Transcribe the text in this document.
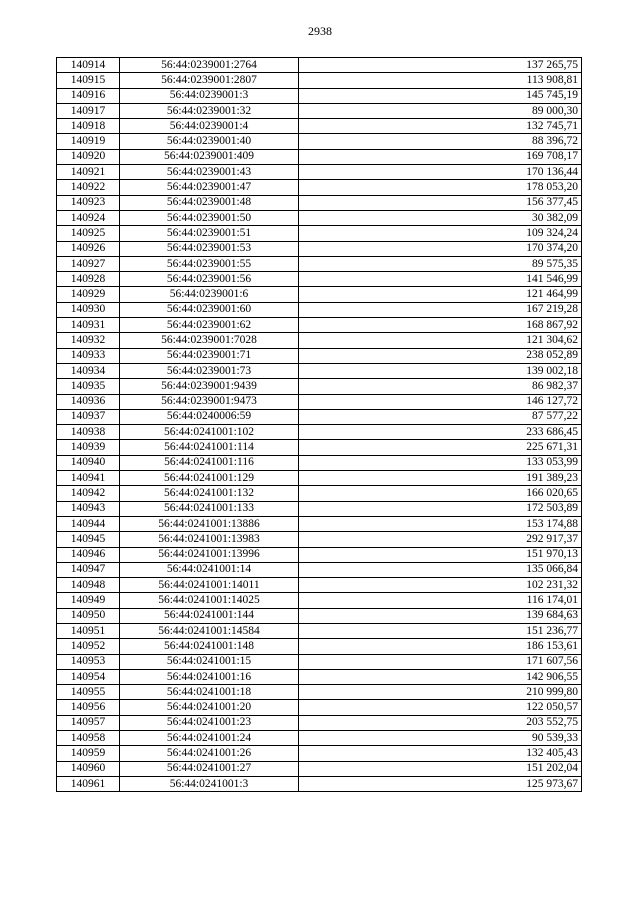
2938
140914	56:44:0239001:2764	137 265,75
140915	56:44:0239001:2807	113 908,81
140916	56:44:0239001:3	145 745,19
140917	56:44:0239001:32	89 000,30
140918	56:44:0239001:4	132 745,71
140919	56:44:0239001:40	88 396,72
140920	56:44:0239001:409	169 708,17
140921	56:44:0239001:43	170 136,44
140922	56:44:0239001:47	178 053,20
140923	56:44:0239001:48	156 377,45
140924	56:44:0239001:50	30 382,09
140925	56:44:0239001:51	109 324,24
140926	56:44:0239001:53	170 374,20
140927	56:44:0239001:55	89 575,35
140928	56:44:0239001:56	141 546,99
140929	56:44:0239001:6	121 464,99
140930	56:44:0239001:60	167 219,28
140931	56:44:0239001:62	168 867,92
140932	56:44:0239001:7028	121 304,62
140933	56:44:0239001:71	238 052,89
140934	56:44:0239001:73	139 002,18
140935	56:44:0239001:9439	86 982,37
140936	56:44:0239001:9473	146 127,72
140937	56:44:0240006:59	87 577,22
140938	56:44:0241001:102	233 686,45
140939	56:44:0241001:114	225 671,31
140940	56:44:0241001:116	133 053,99
140941	56:44:0241001:129	191 389,23
140942	56:44:0241001:132	166 020,65
140943	56:44:0241001:133	172 503,89
140944	56:44:0241001:13886	153 174,88
140945	56:44:0241001:13983	292 917,37
140946	56:44:0241001:13996	151 970,13
140947	56:44:0241001:14	135 066,84
140948	56:44:0241001:14011	102 231,32
140949	56:44:0241001:14025	116 174,01
140950	56:44:0241001:144	139 684,63
140951	56:44:0241001:14584	151 236,77
140952	56:44:0241001:148	186 153,61
140953	56:44:0241001:15	171 607,56
140954	56:44:0241001:16	142 906,55
140955	56:44:0241001:18	210 999,80
140956	56:44:0241001:20	122 050,57
140957	56:44:0241001:23	203 552,75
140958	56:44:0241001:24	90 539,33
140959	56:44:0241001:26	132 405,43
140960	56:44:0241001:27	151 202,04
140961	56:44:0241001:3	125 973,67
